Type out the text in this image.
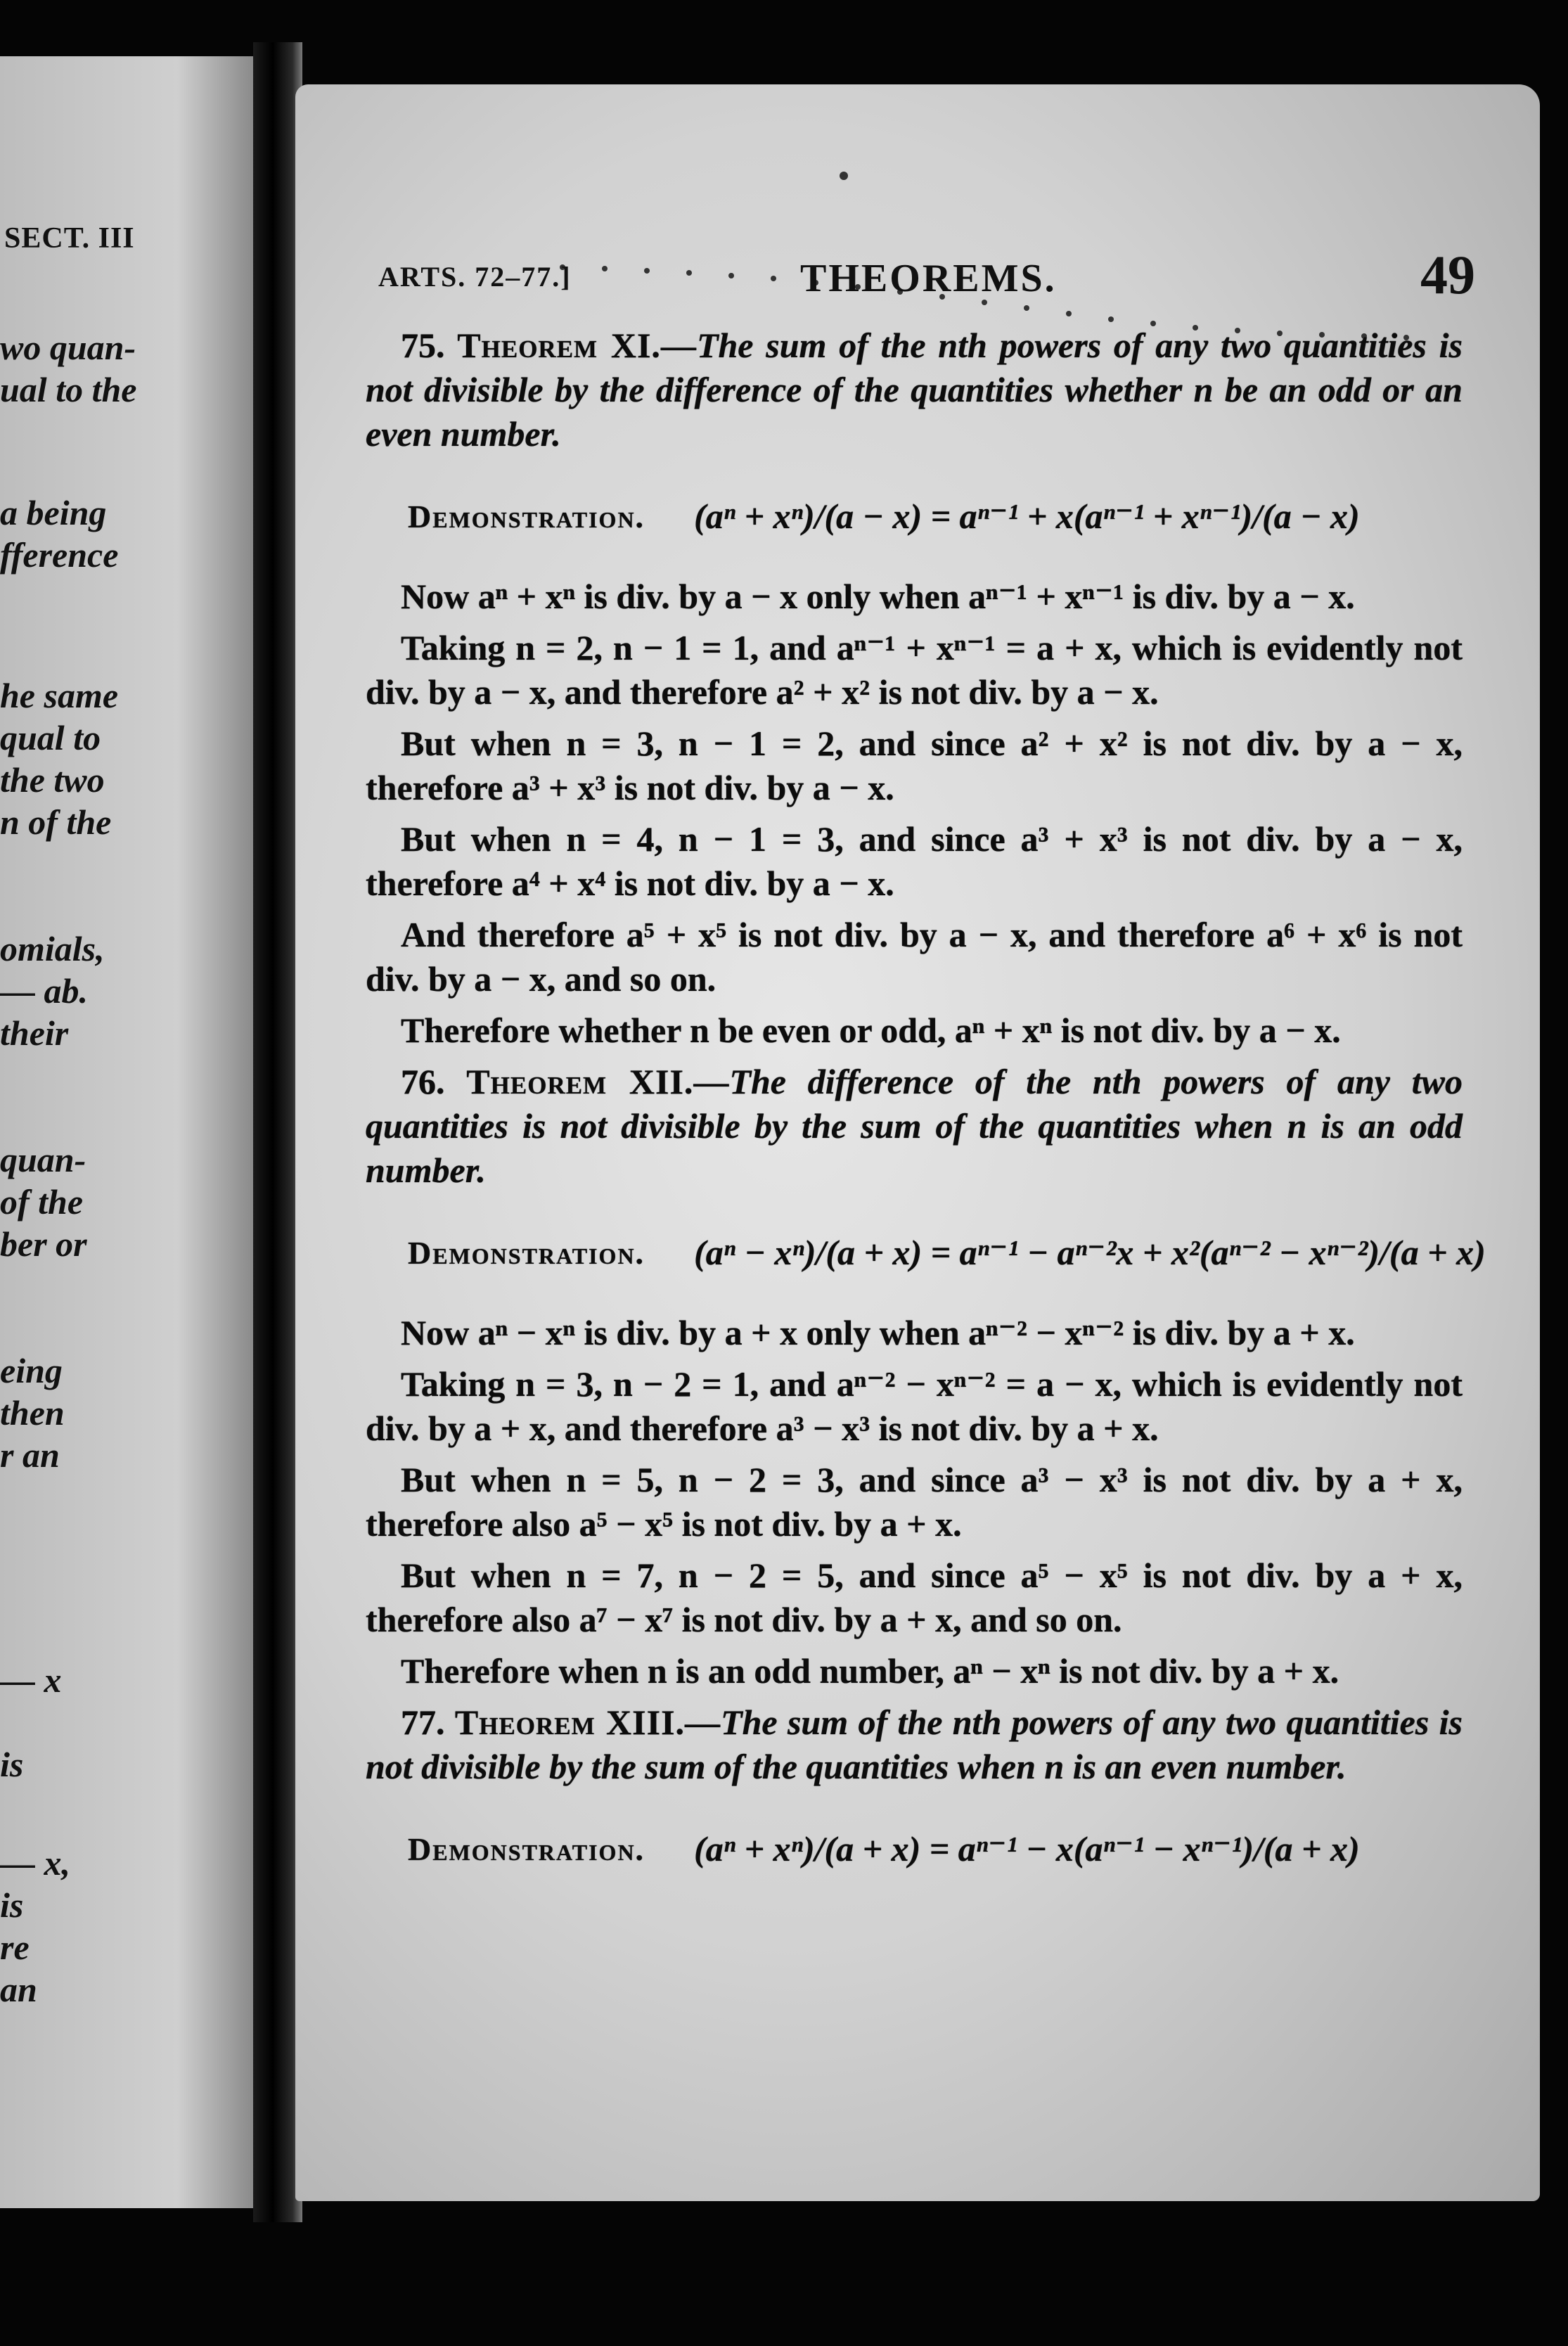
SECT. III
wo quan-
ual to the
a being
fference
he same
qual to
the two
n of the
omials,
— ab.
their
quan-
of the
ber or
eing
then
r an
— x
is
— x,
is
re
an
ARTS. 72–77.]	THEOREMS.	49

75. Theorem XI.—The sum of the nth powers of any two quantities is not divisible by the difference of the quantities whether n be an odd or an even number.

Demonstration. (aⁿ + xⁿ)/(a − x) = aⁿ⁻¹ + x(aⁿ⁻¹ + xⁿ⁻¹)/(a − x)

Now aⁿ + xⁿ is div. by a − x only when aⁿ⁻¹ + xⁿ⁻¹ is div. by a − x.

Taking n = 2, n − 1 = 1, and aⁿ⁻¹ + xⁿ⁻¹ = a + x, which is evidently not div. by a − x, and therefore a² + x² is not div. by a − x.

But when n = 3, n − 1 = 2, and since a² + x² is not div. by a − x, therefore a³ + x³ is not div. by a − x.

But when n = 4, n − 1 = 3, and since a³ + x³ is not div. by a − x, therefore a⁴ + x⁴ is not div. by a − x.

And therefore a⁵ + x⁵ is not div. by a − x, and therefore a⁶ + x⁶ is not div. by a − x, and so on.

Therefore whether n be even or odd, aⁿ + xⁿ is not div. by a − x.

76. Theorem XII.—The difference of the nth powers of any two quantities is not divisible by the sum of the quantities when n is an odd number.

Demonstration. (aⁿ − xⁿ)/(a + x) = aⁿ⁻¹ − aⁿ⁻²x + x²(aⁿ⁻² − xⁿ⁻²)/(a + x)

Now aⁿ − xⁿ is div. by a + x only when aⁿ⁻² − xⁿ⁻² is div. by a + x.

Taking n = 3, n − 2 = 1, and aⁿ⁻² − xⁿ⁻² = a − x, which is evidently not div. by a + x, and therefore a³ − x³ is not div. by a + x.

But when n = 5, n − 2 = 3, and since a³ − x³ is not div. by a + x, therefore also a⁵ − x⁵ is not div. by a + x.

But when n = 7, n − 2 = 5, and since a⁵ − x⁵ is not div. by a + x, therefore also a⁷ − x⁷ is not div. by a + x, and so on.

Therefore when n is an odd number, aⁿ − xⁿ is not div. by a + x.

77. Theorem XIII.—The sum of the nth powers of any two quantities is not divisible by the sum of the quantities when n is an even number.

Demonstration. (aⁿ + xⁿ)/(a + x) = aⁿ⁻¹ − x(aⁿ⁻¹ − xⁿ⁻¹)/(a + x)
